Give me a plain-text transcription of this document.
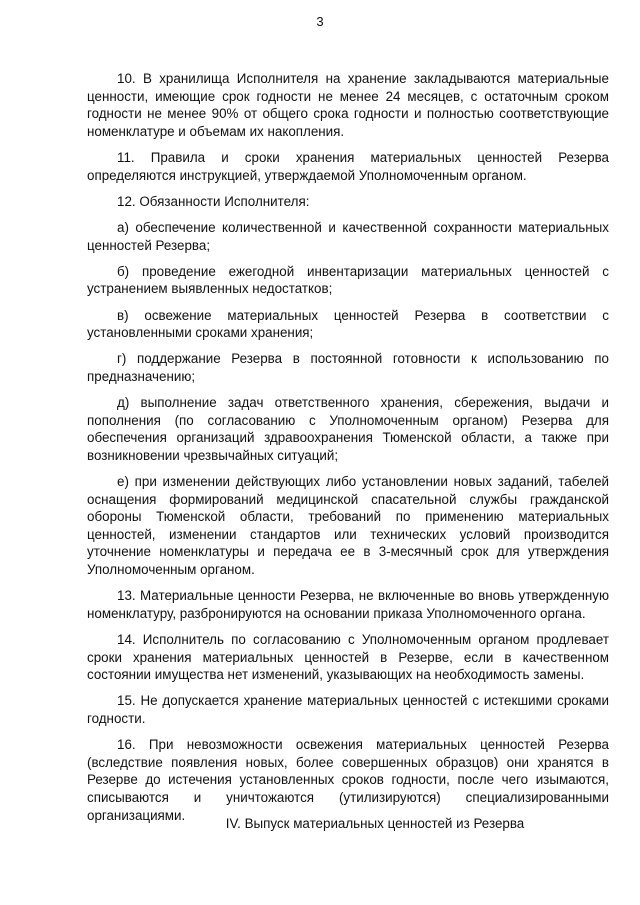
3

10. В хранилища Исполнителя на хранение закладываются материальные ценности, имеющие срок годности не менее 24 месяцев, с остаточным сроком годности не менее 90% от общего срока годности и полностью соответствующие номенклатуре и объемам их накопления.

11. Правила и сроки хранения материальных ценностей Резерва определяются инструкцией, утверждаемой Уполномоченным органом.

12. Обязанности Исполнителя:

а) обеспечение количественной и качественной сохранности материальных ценностей Резерва;

б) проведение ежегодной инвентаризации материальных ценностей с устранением выявленных недостатков;

в) освежение материальных ценностей Резерва в соответствии с установленными сроками хранения;

г) поддержание Резерва в постоянной готовности к использованию по предназначению;

д) выполнение задач ответственного хранения, сбережения, выдачи и пополнения (по согласованию с Уполномоченным органом) Резерва для обеспечения организаций здравоохранения Тюменской области, а также при возникновении чрезвычайных ситуаций;

е) при изменении действующих либо установлении новых заданий, табелей оснащения формирований медицинской спасательной службы гражданской обороны Тюменской области, требований по применению материальных ценностей, изменении стандартов или технических условий производится уточнение номенклатуры и передача ее в 3-месячный срок для утверждения Уполномоченным органом.

13. Материальные ценности Резерва, не включенные во вновь утвержденную номенклатуру, разбронируются на основании приказа Уполномоченного органа.

14. Исполнитель по согласованию с Уполномоченным органом продлевает сроки хранения материальных ценностей в Резерве, если в качественном состоянии имущества нет изменений, указывающих на необходимость замены.

15. Не допускается хранение материальных ценностей с истекшими сроками годности.

16. При невозможности освежения материальных ценностей Резерва (вследствие появления новых, более совершенных образцов) они хранятся в Резерве до истечения установленных сроков годности, после чего изымаются, списываются и уничтожаются (утилизируются) специализированными организациями.

IV. Выпуск материальных ценностей из Резерва
